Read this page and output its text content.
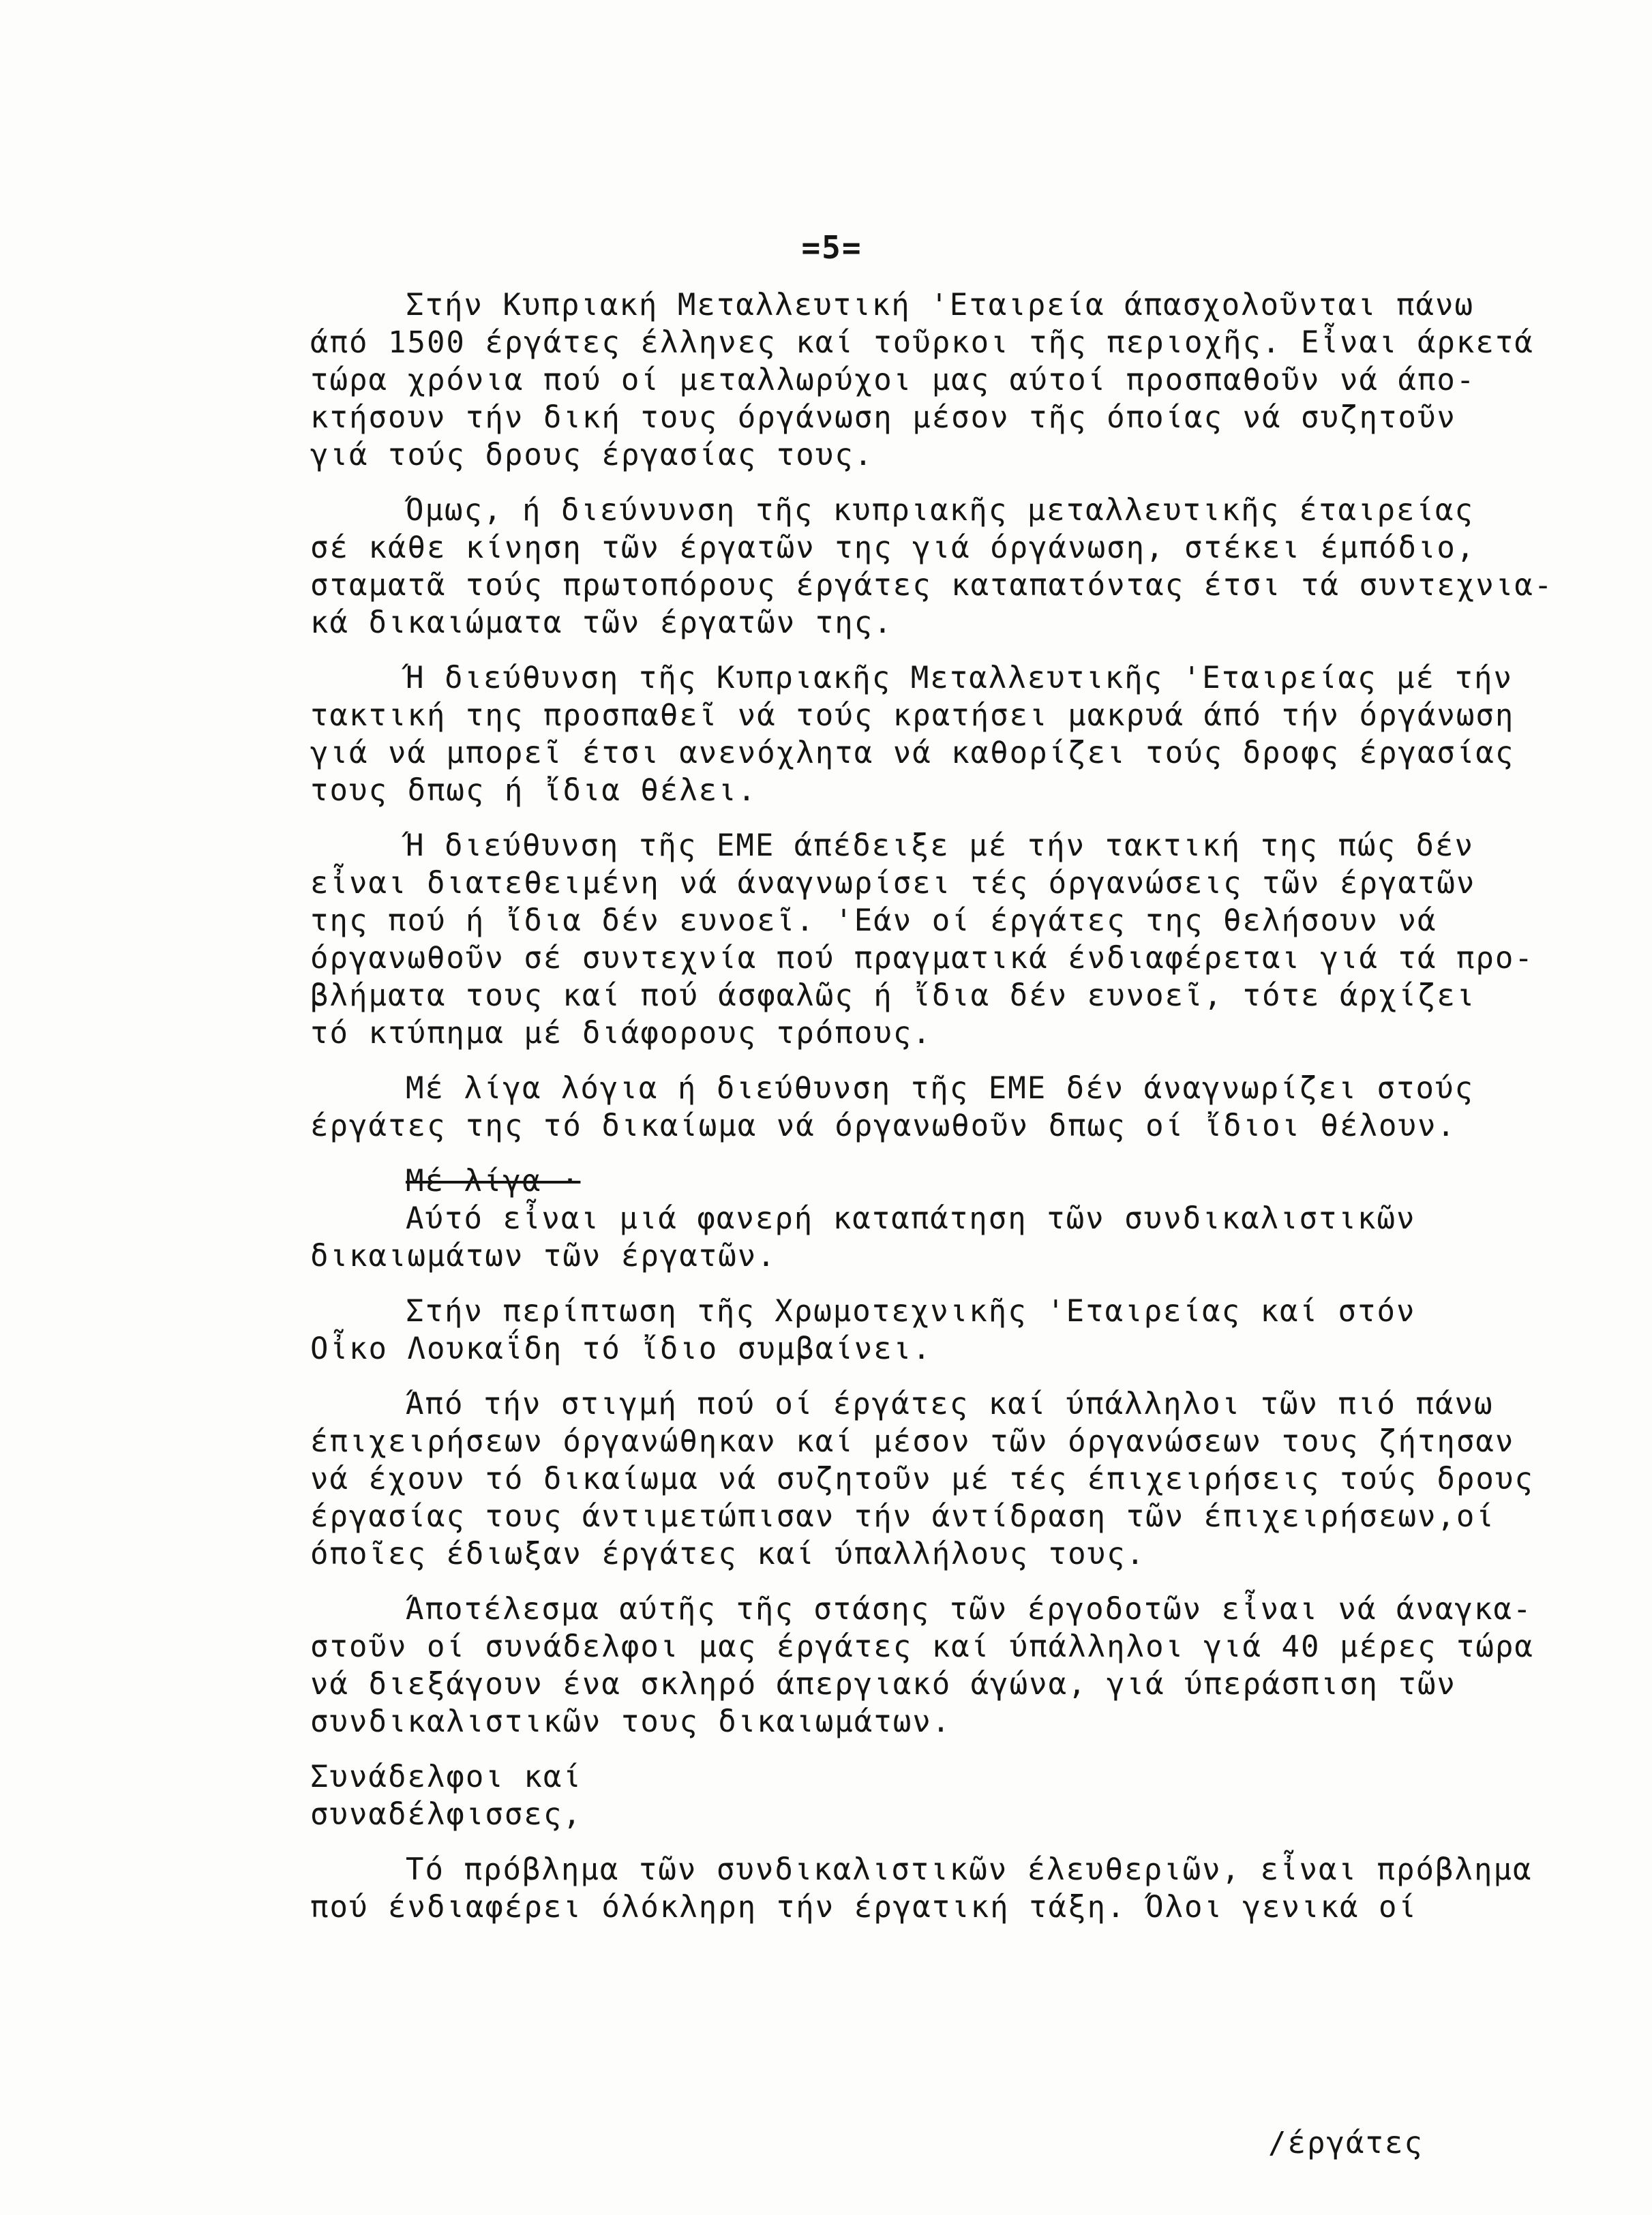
=5=
Στήν Κυπριακή Μεταλλευτική 'Εταιρεία άπασχολοῦνται πάνω
άπό 1500 έργάτες έλληνες καί τοῦρκοι τῆς περιοχῆς. Εἶναι άρκετά
τώρα χρόνια πού οί μεταλλωρύχοι μας αύτοί προσπαθοῦν νά άπο-
κτήσουν τήν δική τους όργάνωση μέσον τῆς όποίας νά συζητοῦν
γιά τούς δρους έργασίας τους.
Όμως, ή διεύνυνση τῆς κυπριακῆς μεταλλευτικῆς έταιρείας
σέ κάθε κίνηση τῶν έργατῶν της γιά όργάνωση, στέκει έμπόδιο,
σταματᾶ τούς πρωτοπόρους έργάτες καταπατόντας έτσι τά συντεχνια-
κά δικαιώματα τῶν έργατῶν της.
Ή διεύθυνση τῆς Κυπριακῆς Μεταλλευτικῆς 'Εταιρείας μέ τήν
τακτική της προσπαθεῖ νά τούς κρατήσει μακρυά άπό τήν όργάνωση
γιά νά μπορεῖ έτσι ανενόχλητα νά καθορίζει τούς δροφς έργασίας
τους δπως ή ἴδια θέλει.
Ή διεύθυνση τῆς ΕΜΕ άπέδειξε μέ τήν τακτική της πώς δέν
εἶναι διατεθειμένη νά άναγνωρίσει τές όργανώσεις τῶν έργατῶν
της πού ή ἴδια δέν ευνοεῖ. 'Εάν οί έργάτες της θελήσουν νά
όργανωθοῦν σέ συντεχνία πού πραγματικά ένδιαφέρεται γιά τά προ-
βλήματα τους καί πού άσφαλῶς ή ἴδια δέν ευνοεῖ, τότε άρχίζει
τό κτύπημα μέ διάφορους τρόπους.
Μέ λίγα λόγια ή διεύθυνση τῆς ΕΜΕ δέν άναγνωρίζει στούς
έργάτες της τό δικαίωμα νά όργανωθοῦν δπως οί ἴδιοι θέλουν.

Μέ λίγα ·

Αύτό εἶναι μιά φανερή καταπάτηση τῶν συνδικαλιστικῶν
δικαιωμάτων τῶν έργατῶν.
Στήν περίπτωση τῆς Χρωμοτεχνικῆς 'Εταιρείας καί στόν
Οἶκο Λουκαΐδη τό ἴδιο συμβαίνει.
Άπό τήν στιγμή πού οί έργάτες καί ύπάλληλοι τῶν πιό πάνω
έπιχειρήσεων όργανώθηκαν καί μέσον τῶν όργανώσεων τους ζήτησαν
νά έχουν τό δικαίωμα νά συζητοῦν μέ τές έπιχειρήσεις τούς δρους
έργασίας τους άντιμετώπισαν τήν άντίδραση τῶν έπιχειρήσεων,οί
όποῖες έδιωξαν έργάτες καί ύπαλλήλους τους.
Άποτέλεσμα αύτῆς τῆς στάσης τῶν έργοδοτῶν εἶναι νά άναγκα-
στοῦν οί συνάδελφοι μας έργάτες καί ύπάλληλοι γιά 40 μέρες τώρα
νά διεξάγουν ένα σκληρό άπεργιακό άγώνα, γιά ύπεράσπιση τῶν
συνδικαλιστικῶν τους δικαιωμάτων.
Συνάδελφοι καί
συναδέλφισσες,
Τό πρόβλημα τῶν συνδικαλιστικῶν έλευθεριῶν, εἶναι πρόβλημα
πού ένδιαφέρει όλόκληρη τήν έργατική τάξη. Όλοι γενικά οί
/έργάτες
